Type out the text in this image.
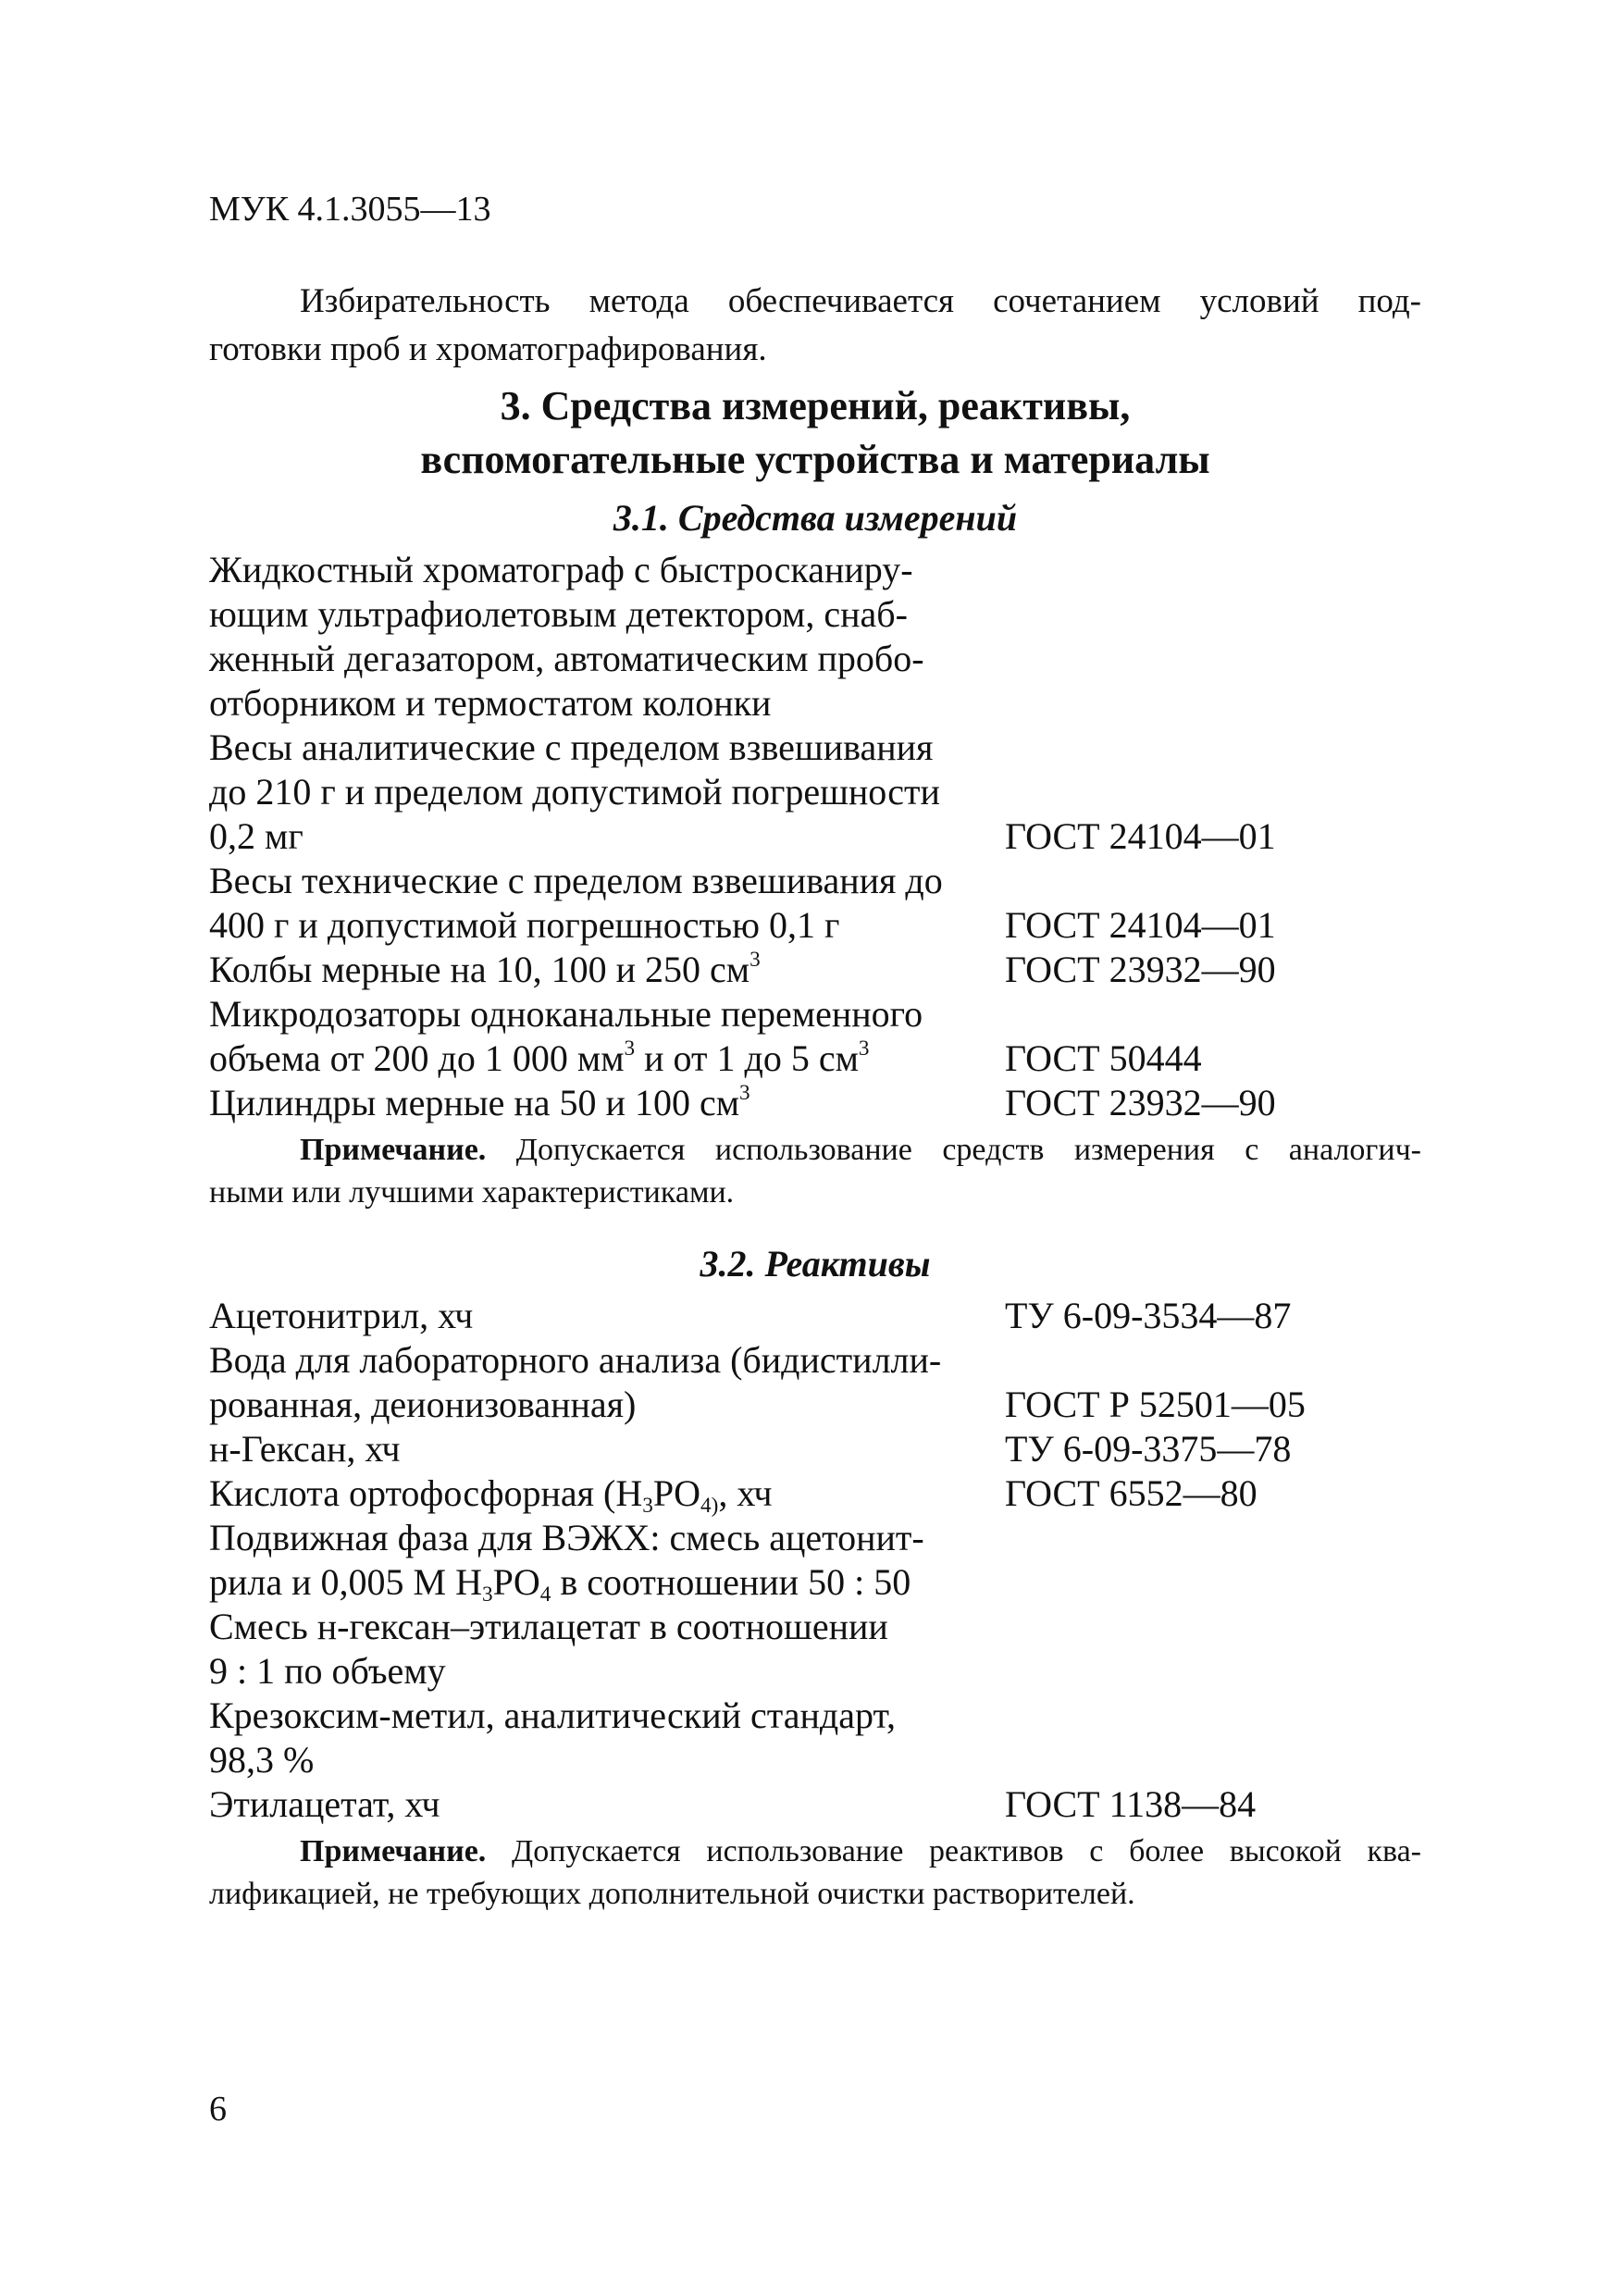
МУК 4.1.3055—13
Избирательность метода обеспечивается сочетанием условий под-
готовки проб и хроматографирования.
3. Средства измерений, реактивы,
вспомогательные устройства и материалы
3.1. Средства измерений
Жидкостный хроматограф с быстросканиру-
ющим ультрафиолетовым детектором, снаб-
женный дегазатором, автоматическим пробо-
отборником и термостатом колонки
Весы аналитические с пределом взвешивания
до 210 г и пределом допустимой погрешности
0,2 мг	ГОСТ 24104—01
Весы технические с пределом взвешивания до
400 г и допустимой погрешностью 0,1 г	ГОСТ 24104—01
Колбы мерные на 10, 100 и 250 $см^3$	ГОСТ 23932—90
Микродозаторы одноканальные переменного
объема от 200 до 1 000 $мм^3$ и от 1 до 5 $см^3$	ГОСТ 50444
Цилиндры мерные на 50 и 100 $см^3$	ГОСТ 23932—90
Примечание. Допускается использование средств измерения с аналогич-
ными или лучшими характеристиками.
3.2. Реактивы
Ацетонитрил, хч	ТУ 6-09-3534—87
Вода для лабораторного анализа (бидистилли-
рованная, деионизованная)	ГОСТ Р 52501—05
н-Гексан, хч	ТУ 6-09-3375—78
Кислота ортофосфорная ($H_3PO_{4)}$, хч	ГОСТ 6552—80
Подвижная фаза для ВЭЖХ: смесь ацетонит-
рила и 0,005 М $H_3PO_4$ в соотношении 50 : 50
Смесь н-гексан–этилацетат в соотношении
9 : 1 по объему
Крезоксим-метил, аналитический стандарт,
98,3 %
Этилацетат, хч	ГОСТ 1138—84
Примечание. Допускается использование реактивов с более высокой ква-
лификацией, не требующих дополнительной очистки растворителей.
6
